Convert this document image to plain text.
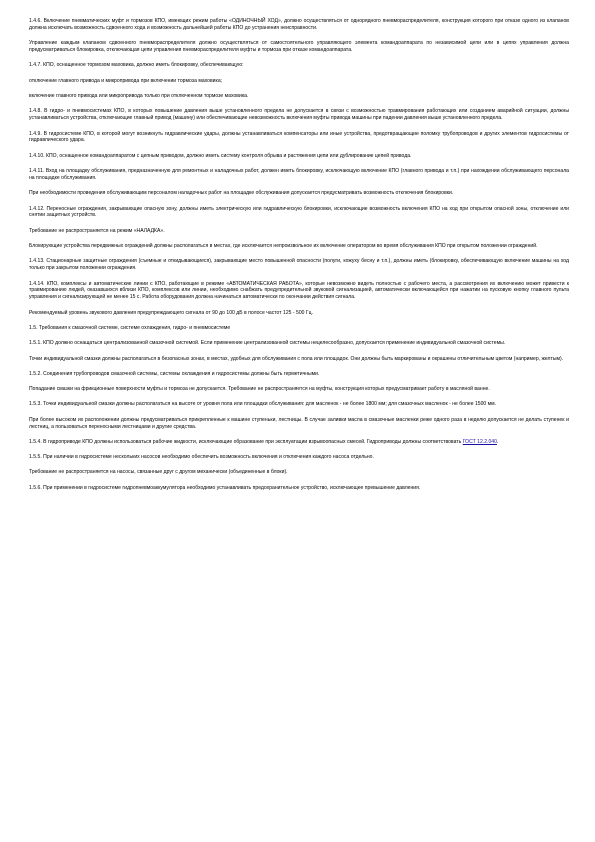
1.4.6. Включение пневматических муфт и тормозов КПО, имеющих режим работы «ОДИНОЧНЫЙ ХОД», должно осуществляться от однорядного пневмораспределителя, конструкция которого при отказе одного из клапанов должна исключать возможность сдвоенного хода и возможность дальнейшей работы КПО до устранения неисправности.

Управление каждым клапаном сдвоенного пневмораспределителя должно осуществляться от самостоятельного управляющего элемента командоаппарата по независимой цепи или в цепях управления должна предусматриваться блокировка, отключающая цепи управления пневмораспределителя муфты и тормоза при отказе командоаппарата.

1.4.7. КПО, оснащенное тормозом маховика, должно иметь блокировку, обеспечивающую:

отключение главного привода и микропривода при включении тормоза маховика;

включение главного привода или микропривода только при отключенном тормозе маховика.

1.4.8. В гидро- и пневмосистемах КПО, в которых повышение давления выше установленного предела не допускается в связи с возможностью травмирования работающих или созданием аварийной ситуации, должны устанавливаться устройства, отключающие главный привод (машину) или обеспечивающие невозможность включения муфты привода машины при падении давления выше установленного предела.

1.4.9. В гидросистеме КПО, в которой могут возникнуть гидравлические удары, должны устанавливаться компенсаторы или иные устройства, предотвращающие поломку трубопроводов и других элементов гидросистемы от гидравлического удара.

1.4.10. КПО, оснащенное командоаппаратом с цепным приводом, должно иметь систему контроля обрыва и растяжения цепи или дублирование цепей привода.

1.4.11. Вход на площадку обслуживания, предназначенную для ремонтных и наладочных работ, должен иметь блокировку, исключающую включение КПО (главного привода и т.п.) при нахождении обслуживающего персонала на площадке обслуживания.

При необходимости проведения обслуживающим персоналом наладочных работ на площадке обслуживания допускается предусматривать возможность отключения блокировки.

1.4.12. Переносные ограждения, закрывающие опасную зону, должны иметь электрическую или гидравлическую блокировки, исключающие возможность включения КПО на ход при открытом опасной зоны, отключение или снятии защитных устройств.

Требование не распространяется на режим «НАЛАДКА».

Блокирующие устройства передвижных ограждений должны располагаться в местах, где исключается непроизвольное их включение оператором во время обслуживания КПО при открытом положении ограждений.

1.4.13. Стационарные защитные ограждения (съемные и откидывающиеся), закрывающие место повышенной опасности (полуги, кожуху бесну и т.п.), должны иметь (блокировку, обеспечивающую включение машины на ход только при закрытом положении ограждения.

1.4.14. КПО, комплексы и автоматические линии с КПО, работающие в режиме «АВТОМАТИЧЕСКАЯ РАБОТА», которые невозможно видеть полностью с рабочего места, а рассмотрения их включению может привести к травмированию людей, оказавшихся вблизи КПО, комплексов или линии, необходимо снабжать предупредительной звуковой сигнализацией, автоматически включающейся при нажатии на пусковую кнопку главного пульта управления и сигнализирующей не менее 15 с. Работа оборудования должна начинаться автоматически по окончании действия сигнала.

Рекомендуемый уровень звукового давления предупреждающего сигнала от 90 до 100 дБ в полосе частот 125 - 500 Гц.

1.5. Требования к смазочной системе, системе охлаждения, гидро- и пневмосистеме

1.5.1. КПО должно оснащаться централизованной смазочной системой. Если применение централизованной системы нецелесообразно, допускается применение индивидуальной смазочной системы.

Точки индивидуальной смазки должны располагаться в безопасных зонах, в местах, удобных для обслуживания с пола или площадок. Они должны быть маркированы и окрашены отличительным цветом (например, желтым).

1.5.2. Соединения трубопроводов смазочной системы, системы охлаждения и гидросистемы должны быть герметичными.

Попадание смазки на фрикционные поверхности муфты и тормоза не допускается. Требование не распространяется на муфты, конструкция которых предусматривает работу в масляной ванне.

1.5.3. Точки индивидуальной смазки должны располагаться на высоте от уровня пола или площадки обслуживания: для масленок - не более 1800 мм; для смазочных масленок - не более 1500 мм.

При более высоком их расположении должны предусматриваться прикрепленные к машине ступеньки, лестницы. В случае заливки масла в смазочные масленки реже одного раза в неделю допускается не делать ступенек и лестниц, а пользоваться переносными лестницами и другие средства.

1.5.4. В гидроприводе КПО должны использоваться рабочие жидкости, исключающие образование при эксплуатации взрывоопасных смесей. Гидроприводы должны соответствовать ГОСТ 12.2.040.

1.5.5. При наличии в гидросистеме нескольких насосов необходимо обеспечить возможность включения и отключения каждого насоса отдельно.

Требование не распространяется на насосы, связанные друг с другом механически (объединенные в блоки).

1.5.6. При применении в гидросистеме гидропневмоаккумулятора необходимо устанавливать предохранительное устройство, исключающее превышение давления.
